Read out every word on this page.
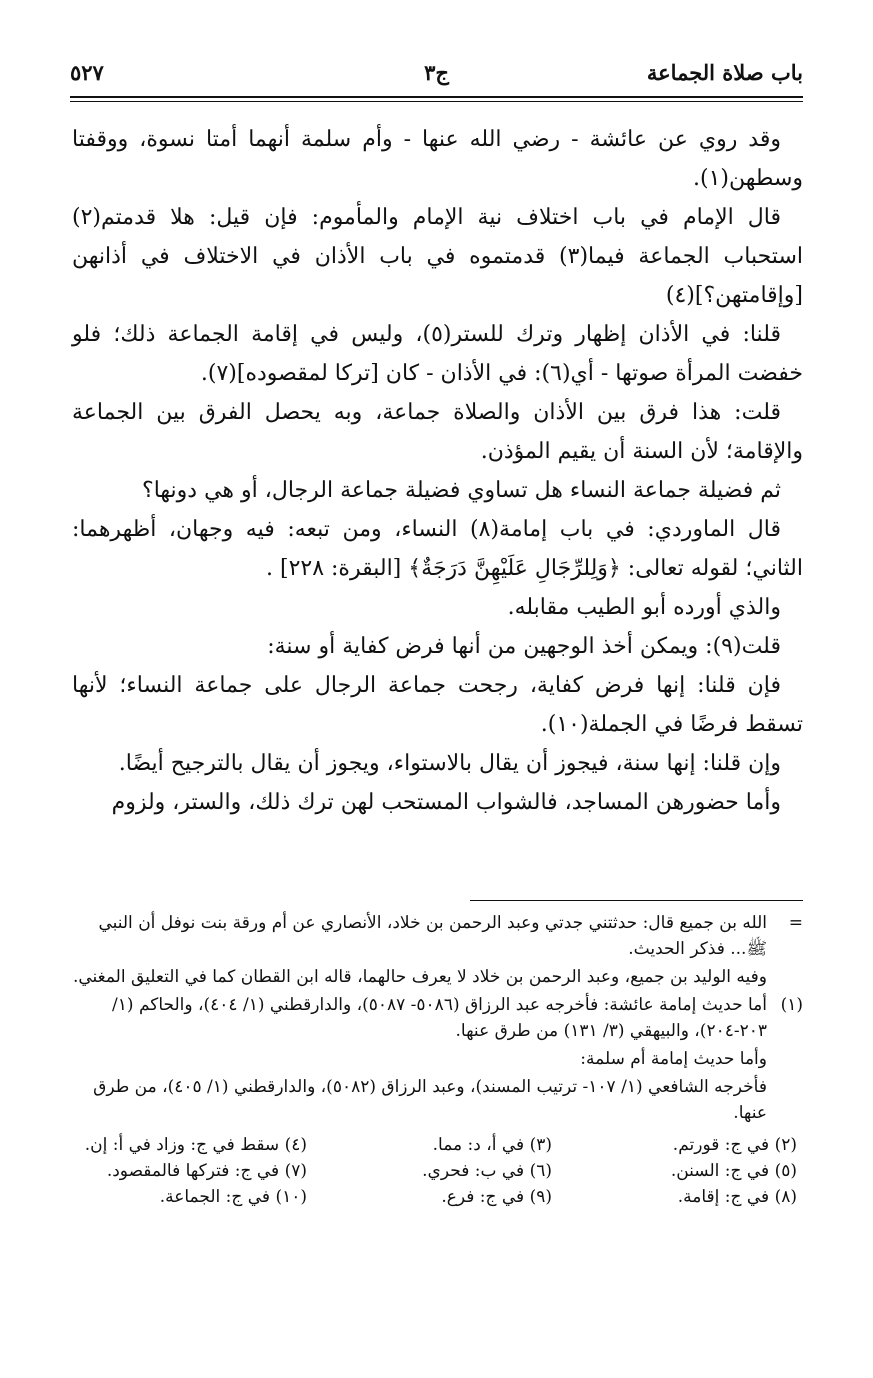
باب صلاة الجماعة
ج٣
٥٢٧

وقد روي عن عائشة - رضي الله عنها - وأم سلمة أنهما أمتا نسوة، ووقفتا وسطهن(١).

قال الإمام في باب اختلاف نية الإمام والمأموم: فإن قيل: هلا قدمتم(٢) استحباب الجماعة فيما(٣) قدمتموه في باب الأذان في الاختلاف في أذانهن [وإقامتهن؟](٤)

قلنا: في الأذان إظهار وترك للستر(٥)، وليس في إقامة الجماعة ذلك؛ فلو خفضت المرأة صوتها - أي(٦): في الأذان - كان [تركا لمقصوده](٧).

قلت: هذا فرق بين الأذان والصلاة جماعة، وبه يحصل الفرق بين الجماعة والإقامة؛ لأن السنة أن يقيم المؤذن.

ثم فضيلة جماعة النساء هل تساوي فضيلة جماعة الرجال، أو هي دونها؟

قال الماوردي: في باب إمامة(٨) النساء، ومن تبعه: فيه وجهان، أظهرهما: الثاني؛ لقوله تعالى: ﴿وَلِلرِّجَالِ عَلَيْهِنَّ دَرَجَةٌ﴾ [البقرة: ٢٢٨] .

والذي أورده أبو الطيب مقابله.

قلت(٩): ويمكن أخذ الوجهين من أنها فرض كفاية أو سنة:

فإن قلنا: إنها فرض كفاية، رجحت جماعة الرجال على جماعة النساء؛ لأنها تسقط فرضًا في الجملة(١٠).

وإن قلنا: إنها سنة، فيجوز أن يقال بالاستواء، ويجوز أن يقال بالترجيح أيضًا.

وأما حضورهن المساجد، فالشواب المستحب لهن ترك ذلك، والستر، ولزوم

=
الله بن جميع قال: حدثتني جدتي وعبد الرحمن بن خلاد، الأنصاري عن أم ورقة بنت نوفل أن النبي ﷺ... فذكر الحديث.

وفيه الوليد بن جميع، وعبد الرحمن بن خلاد لا يعرف حالهما، قاله ابن القطان كما في التعليق المغني.

(١)
أما حديث إمامة عائشة: فأخرجه عبد الرزاق (٥٠٨٦- ٥٠٨٧)، والدارقطني (١/ ٤٠٤)، والحاكم (١/ ٢٠٣-٢٠٤)، والبيهقي (٣/ ١٣١) من طرق عنها.

وأما حديث إمامة أم سلمة:

فأخرجه الشافعي (١/ ١٠٧- ترتيب المسند)، وعبد الرزاق (٥٠٨٢)، والدارقطني (١/ ٤٠٥)، من طرق عنها.

(٢) في ج: قورتم.
(٣) في أ، د: مما.
(٤) سقط في ج: وزاد في أ: إن.
(٥) في ج: السنن.
(٦) في ب: فحري.
(٧) في ج: فتركها فالمقصود.
(٨) في ج: إقامة.
(٩) في ج: فرع.
(١٠) في ج: الجماعة.
